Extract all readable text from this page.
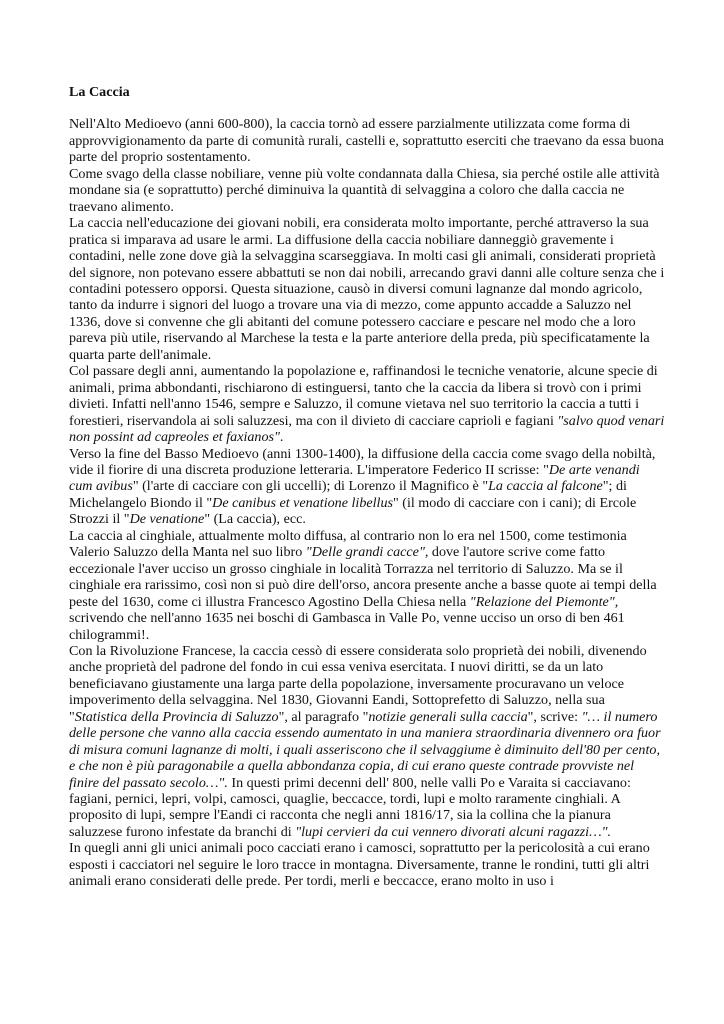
La Caccia

Nell'Alto Medioevo (anni 600-800), la caccia tornò ad essere parzialmente utilizzata come forma di approvvigionamento da parte di comunità rurali, castelli e, soprattutto eserciti che traevano da essa buona parte del proprio sostentamento.

Come svago della classe nobiliare, venne più volte condannata dalla Chiesa, sia perché ostile alle attività mondane sia (e soprattutto) perché diminuiva la quantità di selvaggina a coloro che dalla caccia ne traevano alimento.

La caccia nell'educazione dei giovani nobili, era considerata molto importante, perché attraverso la sua pratica si imparava ad usare le armi. La diffusione della caccia nobiliare danneggiò gravemente i contadini, nelle zone dove già la selvaggina scarseggiava. In molti casi gli animali, considerati proprietà del signore, non potevano essere abbattuti se non dai nobili, arrecando gravi danni alle colture senza che i contadini potessero opporsi. Questa situazione, causò in diversi comuni lagnanze dal mondo agricolo, tanto da indurre i signori del luogo a trovare una via di mezzo, come appunto accadde a Saluzzo nel 1336, dove si convenne che gli abitanti del comune potessero cacciare e pescare nel modo che a loro pareva più utile, riservando al Marchese la testa e la parte anteriore della preda, più specificatamente la quarta parte dell'animale.

Col passare degli anni, aumentando la popolazione e, raffinandosi le tecniche venatorie, alcune specie di animali, prima abbondanti, rischiarono di estinguersi, tanto che la caccia da libera si trovò con i primi divieti. Infatti nell'anno 1546, sempre e Saluzzo, il comune vietava nel suo territorio la caccia a tutti i forestieri, riservandola ai soli saluzzesi, ma con il divieto di cacciare caprioli e fagiani "salvo quod venari non possint ad capreoles et faxianos".

Verso la fine del Basso Medioevo (anni 1300-1400), la diffusione della caccia come svago della nobiltà, vide il fiorire di una discreta produzione letteraria. L'imperatore Federico II scrisse: "De arte venandi cum avibus" (l'arte di cacciare con gli uccelli); di Lorenzo il Magnifico è "La caccia al falcone"; di Michelangelo Biondo il "De canibus et venatione libellus" (il modo di cacciare con i cani); di Ercole Strozzi il "De venatione" (La caccia), ecc.

La caccia al cinghiale, attualmente molto diffusa, al contrario non lo era nel 1500, come testimonia Valerio Saluzzo della Manta nel suo libro "Delle grandi cacce", dove l'autore scrive come fatto eccezionale l'aver ucciso un grosso cinghiale in località Torrazza nel territorio di Saluzzo. Ma se il cinghiale era rarissimo, così non si può dire dell'orso, ancora presente anche a basse quote ai tempi della peste del 1630, come ci illustra Francesco Agostino Della Chiesa nella "Relazione del Piemonte", scrivendo che nell'anno 1635 nei boschi di Gambasca in Valle Po, venne ucciso un orso di ben 461 chilogrammi!.

Con la Rivoluzione Francese, la caccia cessò di essere considerata solo proprietà dei nobili, divenendo anche proprietà del padrone del fondo in cui essa veniva esercitata. I nuovi diritti, se da un lato beneficiavano giustamente una larga parte della popolazione, inversamente procuravano un veloce impoverimento della selvaggina. Nel 1830, Giovanni Eandi, Sottoprefetto di Saluzzo, nella sua "Statistica della Provincia di Saluzzo", al paragrafo "notizie generali sulla caccia", scrive: "… il numero delle persone che vanno alla caccia essendo aumentato in una maniera straordinaria divennero ora fuor di misura comuni lagnanze di molti, i quali asseriscono che il selvaggiume è diminuito dell'80 per cento, e che non è più paragonabile a quella abbondanza copia, di cui erano queste contrade provviste nel finire del passato secolo…". In questi primi decenni dell' 800, nelle valli Po e Varaita si cacciavano: fagiani, pernici, lepri, volpi, camosci, quaglie, beccacce, tordi, lupi e molto raramente cinghiali. A proposito di lupi, sempre l'Eandi ci racconta che negli anni 1816/17, sia la collina che la pianura saluzzese furono infestate da branchi di "lupi cervieri da cui vennero divorati alcuni ragazzi…".

In quegli anni gli unici animali poco cacciati erano i camosci, soprattutto per la pericolosità a cui erano esposti i cacciatori nel seguire le loro tracce in montagna. Diversamente, tranne le rondini, tutti gli altri animali erano considerati delle prede. Per tordi, merli e beccacce, erano molto in uso i
